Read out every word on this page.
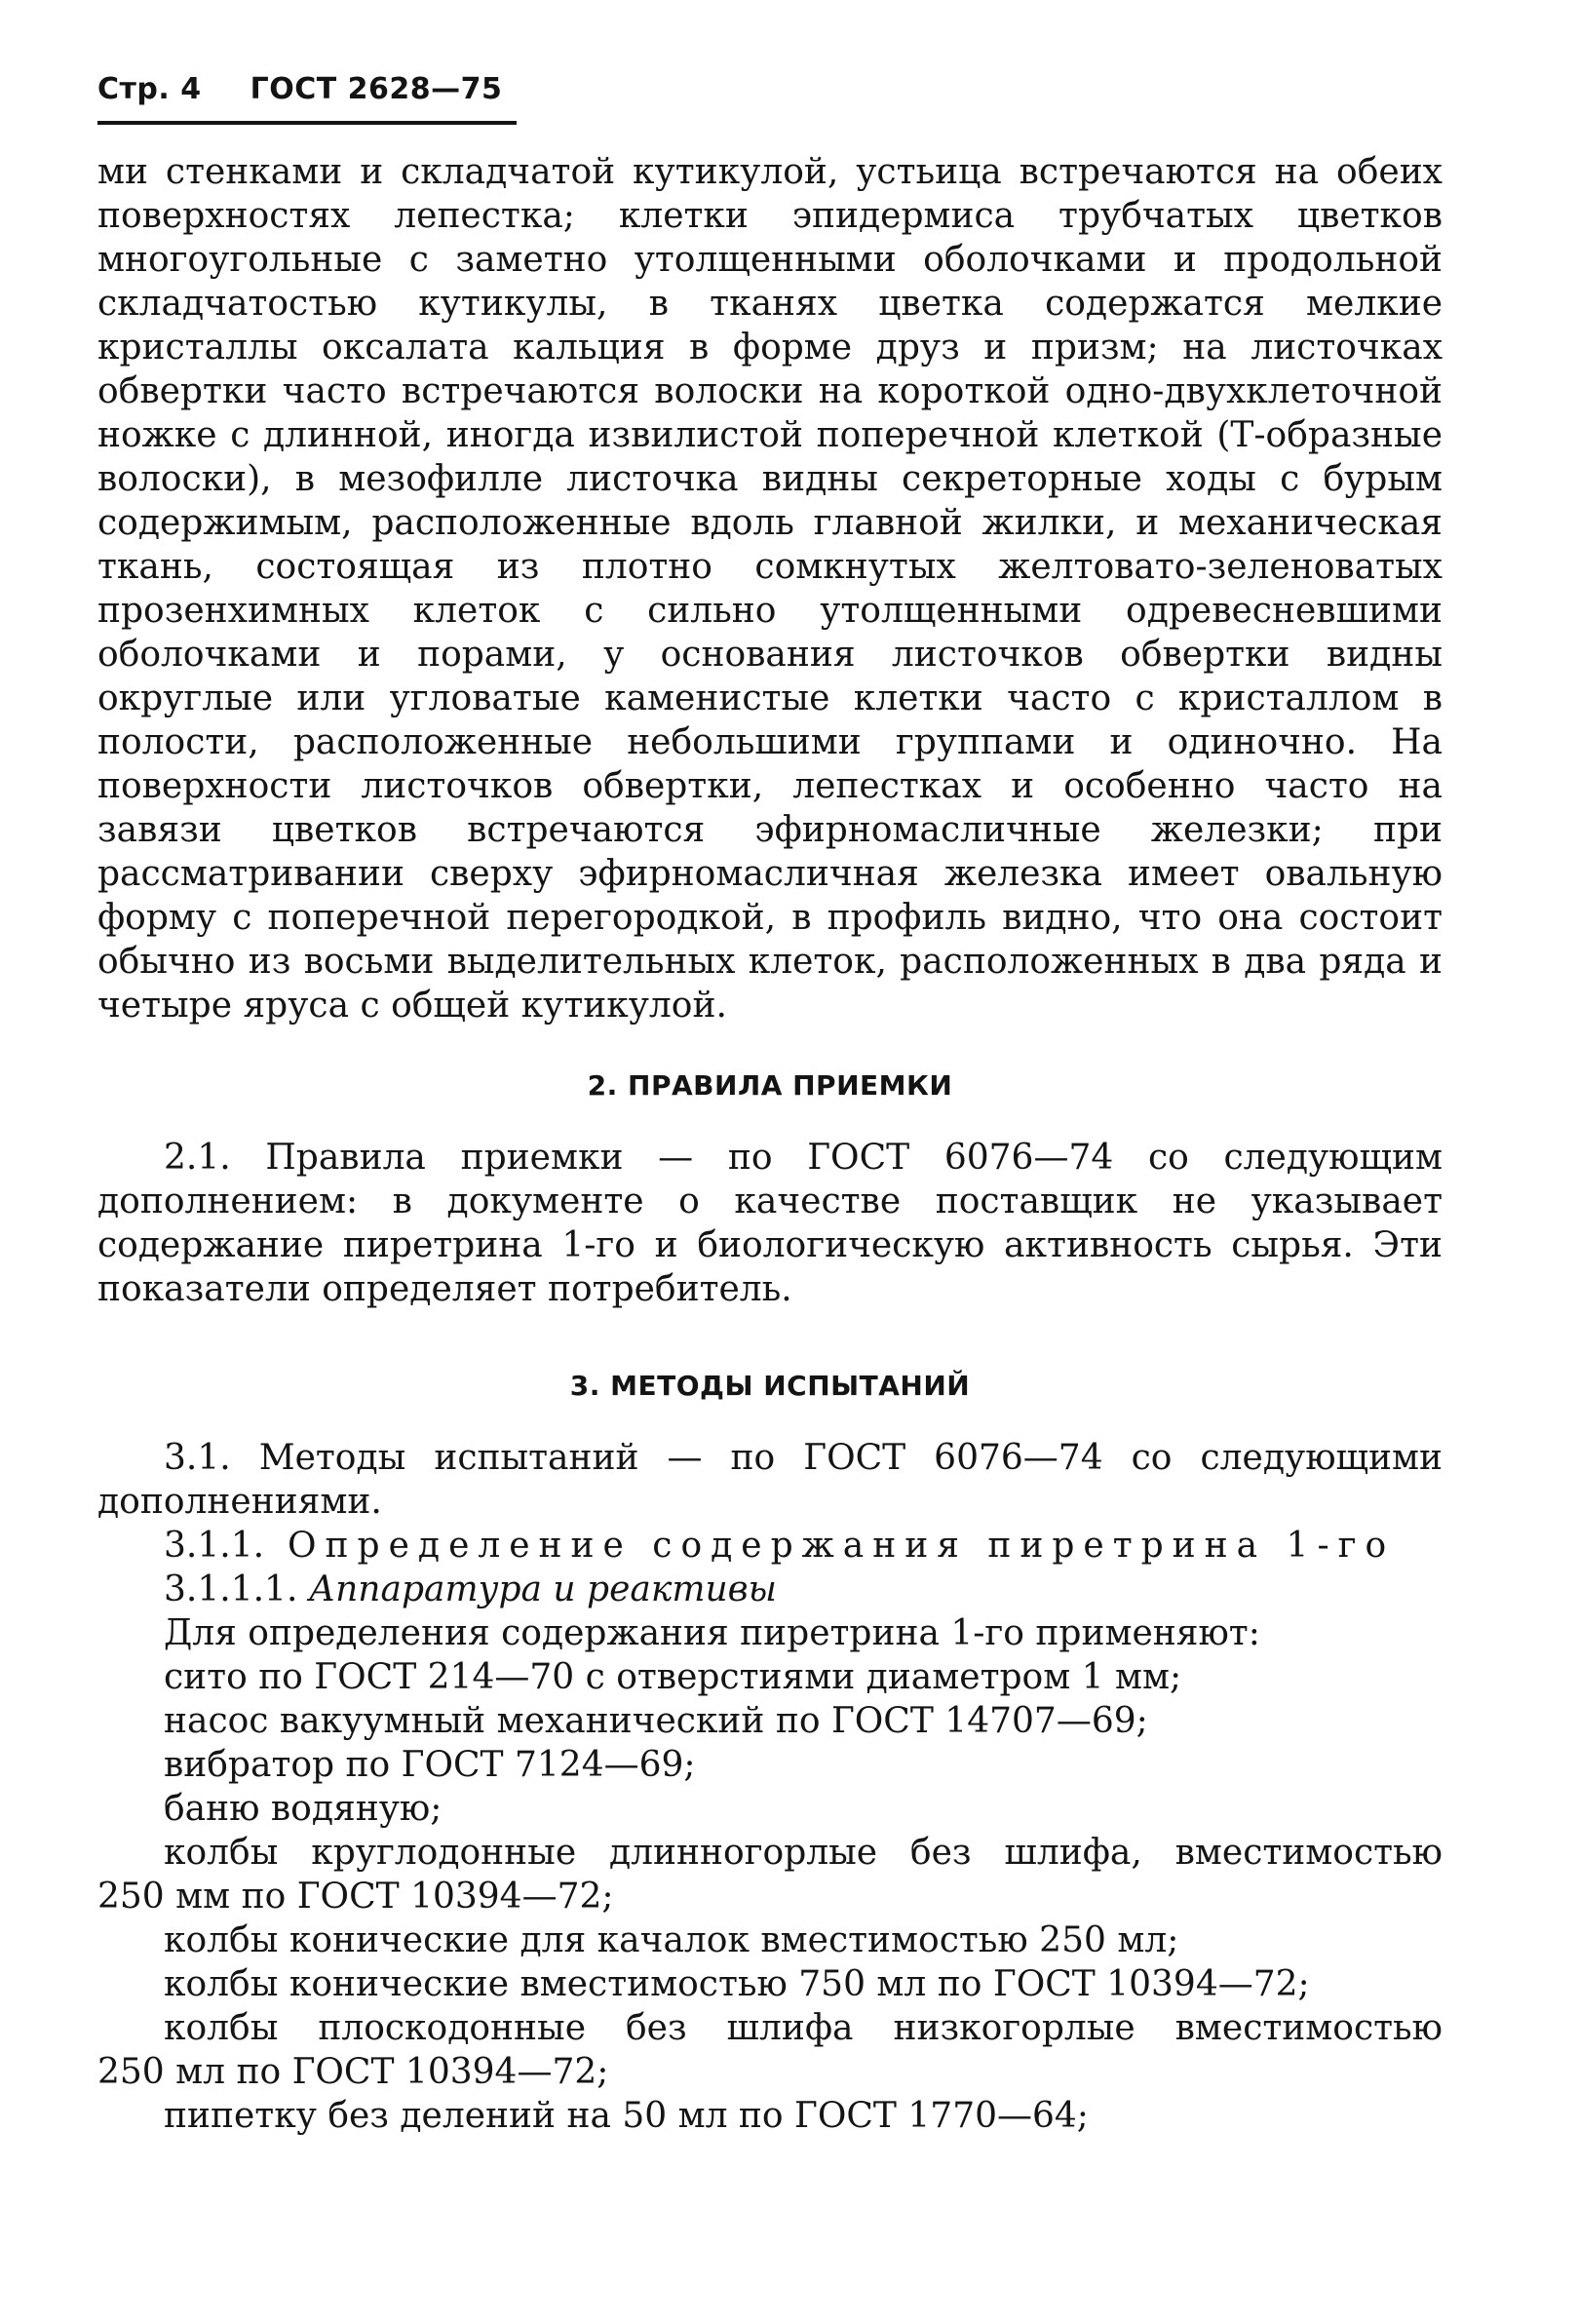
Стр. 4 ГОСТ 2628—75
ми стенками и складчатой кутикулой, устьица встречаются на обеих поверхностях лепестка; клетки эпидермиса трубчатых цветков многоугольные с заметно утолщенными оболочками и продольной складчатостью кутикулы, в тканях цветка содержатся мелкие кристаллы оксалата кальция в форме друз и призм; на листочках обвертки часто встречаются волоски на короткой одно-двухклеточной ножке с длинной, иногда извилистой поперечной клеткой (Т-образные волоски), в мезофилле листочка видны секреторные ходы с бурым содержимым, расположенные вдоль главной жилки, и механическая ткань, состоящая из плотно сомкнутых желтовато-зеленоватых прозенхимных клеток с сильно утолщенными одревесневшими оболочками и порами, у основания листочков обвертки видны округлые или угловатые каменистые клетки часто с кристаллом в полости, расположенные небольшими группами и одиночно. На поверхности листочков обвертки, лепестках и особенно часто на завязи цветков встречаются эфирномасличные железки; при рассматривании сверху эфирномасличная железка имеет овальную форму с поперечной перегородкой, в профиль видно, что она состоит обычно из восьми выделительных клеток, расположенных в два ряда и четыре яруса с общей кутикулой.
2. ПРАВИЛА ПРИЕМКИ
2.1. Правила приемки — по ГОСТ 6076—74 со следующим дополнением: в документе о качестве поставщик не указывает содержание пиретрина 1-го и биологическую активность сырья. Эти показатели определяет потребитель.
3. МЕТОДЫ ИСПЫТАНИЙ
3.1. Методы испытаний — по ГОСТ 6076—74 со следующими дополнениями.
3.1.1. Определение содержания пиретрина 1-го
3.1.1.1. Аппаратура и реактивы
Для определения содержания пиретрина 1-го применяют:
сито по ГОСТ 214—70 с отверстиями диаметром 1 мм;
насос вакуумный механический по ГОСТ 14707—69;
вибратор по ГОСТ 7124—69;
баню водяную;
колбы круглодонные длинногорлые без шлифа, вместимостью
250 мм по ГОСТ 10394—72;
колбы конические для качалок вместимостью 250 мл;
колбы конические вместимостью 750 мл по ГОСТ 10394—72;
колбы плоскодонные без шлифа низкогорлые вместимостью
250 мл по ГОСТ 10394—72;
пипетку без делений на 50 мл по ГОСТ 1770—64;
